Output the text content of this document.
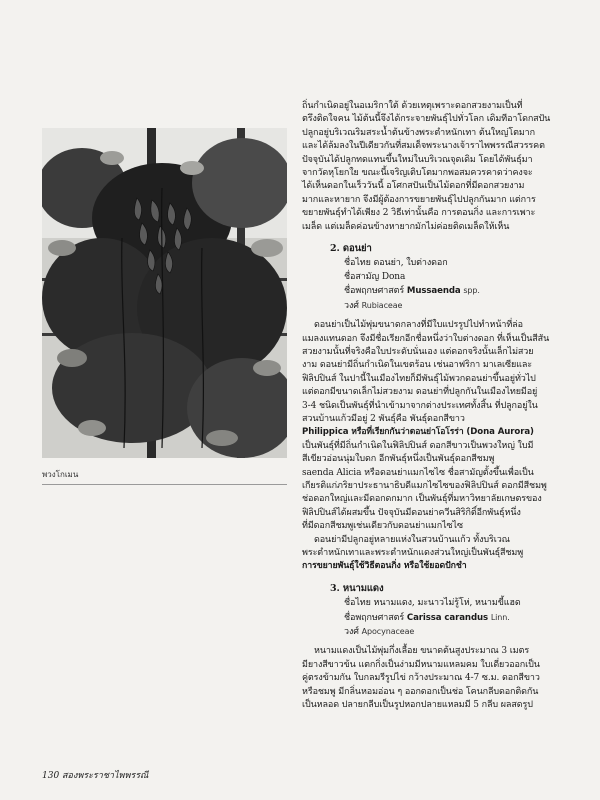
พวงโกเมน

ถิ่นกำเนิดอยู่ในอเมริกาใต้ ด้วยเหตุเพราะดอกสวยงามเป็นที่

ตรึงติดใจคน ไม้ต้นนี้จึงได้กระจายพันธุ์ไปทั่วโลก เดิมทีอาโดกสปัน

ปลูกอยู่บริเวณริมสระน้ำต้นข้างพระตำหนักเทา ต้นใหญ่โตมาก

และได้ล้มลงในปีเดียวกันที่สมเด็จพระนางเจ้าราไพพรรณีสวรรคต

ปัจจุบันได้ปลูกทดแทนขึ้นใหม่ในบริเวณจุดเดิม โดยได้พันธุ์มา

จากวัดหุโยกใย ขณะนี้เจริญเติบโตมากพอสมควรคาดว่าคงจะ

ได้เห็นดอกในเร็ววันนี้ อโศกสปันเป็นไม้ดอกที่มีดอกสวยงาม

มากและหายาก จึงมีผู้ต้องการขยายพันธุ์ไปปลูกกันมาก แต่การ

ขยายพันธุ์ทำได้เพียง 2 วิธีเท่านั้นคือ การตอนกิ่ง และการเพาะ

เมล็ด แต่เมล็ดค่อนข้างหายากมักไม่ค่อยติดเมล็ดให้เห็น

2. ดอนย่า
ชื่อไทย ดอนย่า, ใบต่างดอก
ชื่อสามัญ Dona
ชื่อพฤกษศาสตร์ Mussaenda spp.
วงศ์ Rubiaceae

ดอนย่าเป็นไม้พุ่มขนาดกลางที่มีใบแปรรูปไปทำหน้าที่ล่อ

แมลงแทนดอก จึงมีชื่อเรียกอีกชื่อหนึ่งว่าใบต่างดอก ที่เห็นเป็นสีสัน

สวยงามนั้นที่จริงคือใบประดับนั่นเอง แต่ดอกจริงนั้นเล็กไม่สวย

งาม ดอนย่ามีถิ่นกำเนิดในเขตร้อน เช่นอาฟริกา มาเลเซียและ

ฟิลิปปินส์ ในปานี้ในเมืองไทยก็มีพันธุ์ไม้พวกดอนย่าขึ้นอยู่ทั่วไป

แต่ดอกมีขนาดเล็กไม่สวยงาม ดอนย่าที่ปลูกกันในเมืองไทยมีอยู่

3-4 ชนิดเป็นพันธุ์ที่นำเข้ามาจากต่างประเทศทั้งสิ้น ที่ปลูกอยู่ใน

สวนบ้านแก้วมีอยู่ 2 พันธุ์คือ พันธุ์ดอกสีขาว

Philippica หรือที่เรียกกันว่าดอนย่าโอโรร่า (Dona Aurora)

เป็นพันธุ์ที่มีถิ่นกำเนิดในฟิลิปปินส์ ดอกสีขาวเป็นพวงใหญ่ ใบมี

สีเขียวอ่อนนุ่มใบดก อีกพันธุ์หนึ่งเป็นพันธุ์ดอกสีชมพู

saenda Alicia หรือดอนย่าแมกไซไซ ชื่อสามัญตั้งขึ้นเพื่อเป็น

เกียรติแก่ภริยาประธานาธิบดีแมกไซไซของฟิลิปปินส์ ดอกมีสีชมพู

ช่อดอกใหญ่และมีดอกดกมาก เป็นพันธุ์ที่มหาวิทยาลัยเกษตรของ

ฟิลิปปินส์ได้ผสมขึ้น ปัจจุบันมีดอนย่าควีนสิริกิติ์อีกพันธุ์หนึ่ง

ที่มีดอกสีชมพูเช่นเดียวกับดอนย่าแมกไซไซ

ดอนย่ามีปลูกอยู่หลายแห่งในสวนบ้านแก้ว ทั้งบริเวณ

พระตำหนักเทาและพระตำหนักแดงส่วนใหญ่เป็นพันธุ์สีชมพู

การขยายพันธุ์ใช้วิธีตอนกิ่ง หรือใช้ยอดปักชำ

3. หนามแดง
ชื่อไทย หนามแดง, มะนาวไม่รู้โห่, หนามขี้แฮด
ชื่อพฤกษศาสตร์ Carissa carandus Linn.
วงศ์ Apocynaceae

หนามแดงเป็นไม้พุ่มกึ่งเลื้อย ขนาดต้นสูงประมาณ 3 เมตร

มียางสีขาวข้น แตกกิ่งเป็นง่ามมีหนามแหลมคม ใบเดี่ยวออกเป็น

คู่ตรงข้ามกัน ใบกลมรีรูปไข่ กว้างประมาณ 4-7 ซ.ม. ดอกสีขาว

หรือชมพู มีกลิ่นหอมอ่อน ๆ ออกดอกเป็นช่อ โคนกลีบดอกติดกัน

เป็นหลอด ปลายกลีบเป็นรูปหอกปลายแหลมมี 5 กลีบ ผลสดรูป

130 สองพระราชาไพพรรณี
